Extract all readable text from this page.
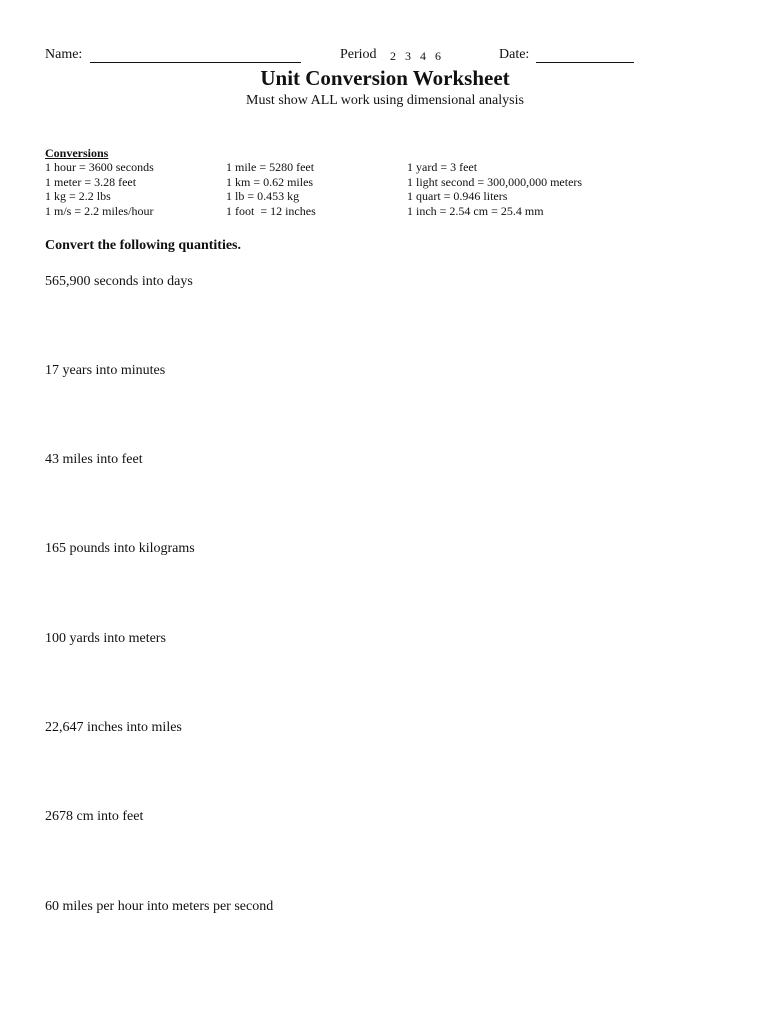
Name:	Period 2 3 4 6	Date:
Unit Conversion Worksheet
Must show ALL work using dimensional analysis
Conversions
1 hour = 3600 seconds
1 meter = 3.28 feet
1 kg = 2.2 lbs
1 m/s = 2.2 miles/hour
1 mile = 5280 feet
1 km = 0.62 miles
1 lb = 0.453 kg
1 foot  = 12 inches
1 yard = 3 feet
1 light second = 300,000,000 meters
1 quart = 0.946 liters
1 inch = 2.54 cm = 25.4 mm
Convert the following quantities.
565,900 seconds into days
17 years into minutes
43 miles into feet
165 pounds into kilograms
100 yards into meters
22,647 inches into miles
2678 cm into feet
60 miles per hour into meters per second
